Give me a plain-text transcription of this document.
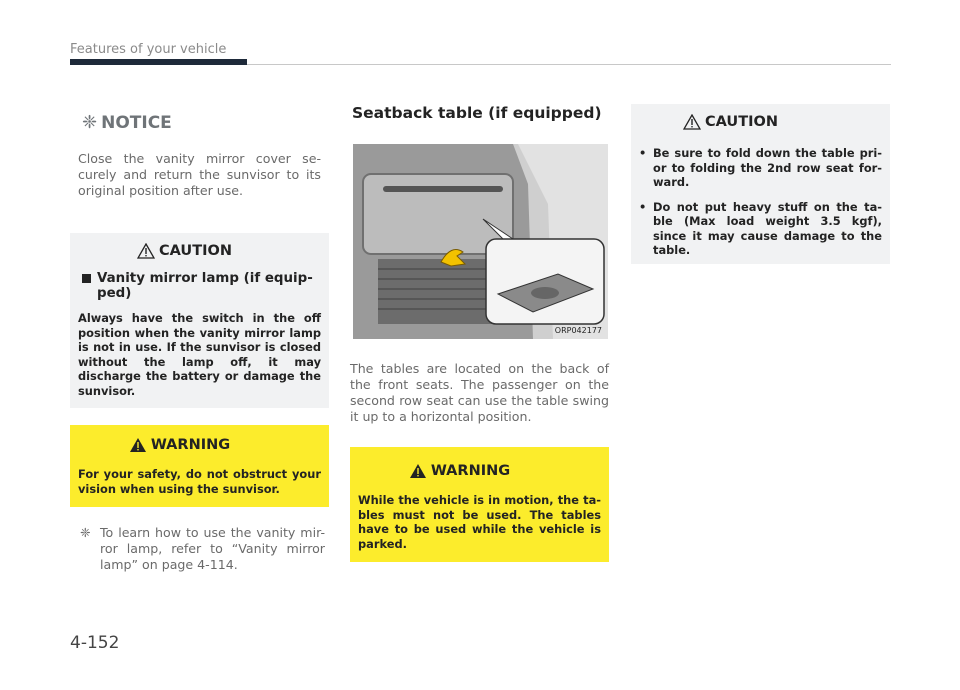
Features of your vehicle
❈ NOTICE

Close the vanity mirror cover se-curely and return the sunvisor to its original position after use.

CAUTION
Vanity mirror lamp (if equip-ped)

Always have the switch in the off position when the vanity mirror lamp is not in use. If the sunvisor is closed without the lamp off, it may discharge the battery or damage the sunvisor.

WARNING

For your safety, do not obstruct your vision when using the sunvisor.

❈ To learn how to use the vanity mir-ror lamp, refer to “Vanity mirror lamp” on page 4-114.
Seatback table (if equipped)
ORP042177

The tables are located on the back of the front seats. The passenger on the second row seat can use the table swing it up to a horizontal position.

WARNING

While the vehicle is in motion, the ta-bles must not be used. The tables have to be used while the vehicle is parked.

CAUTION
• Be sure to fold down the table pri-or to folding the 2nd row seat for-ward.
• Do not put heavy stuff on the ta-ble (Max load weight 3.5 kgf), since it may cause damage to the table.
4-152
